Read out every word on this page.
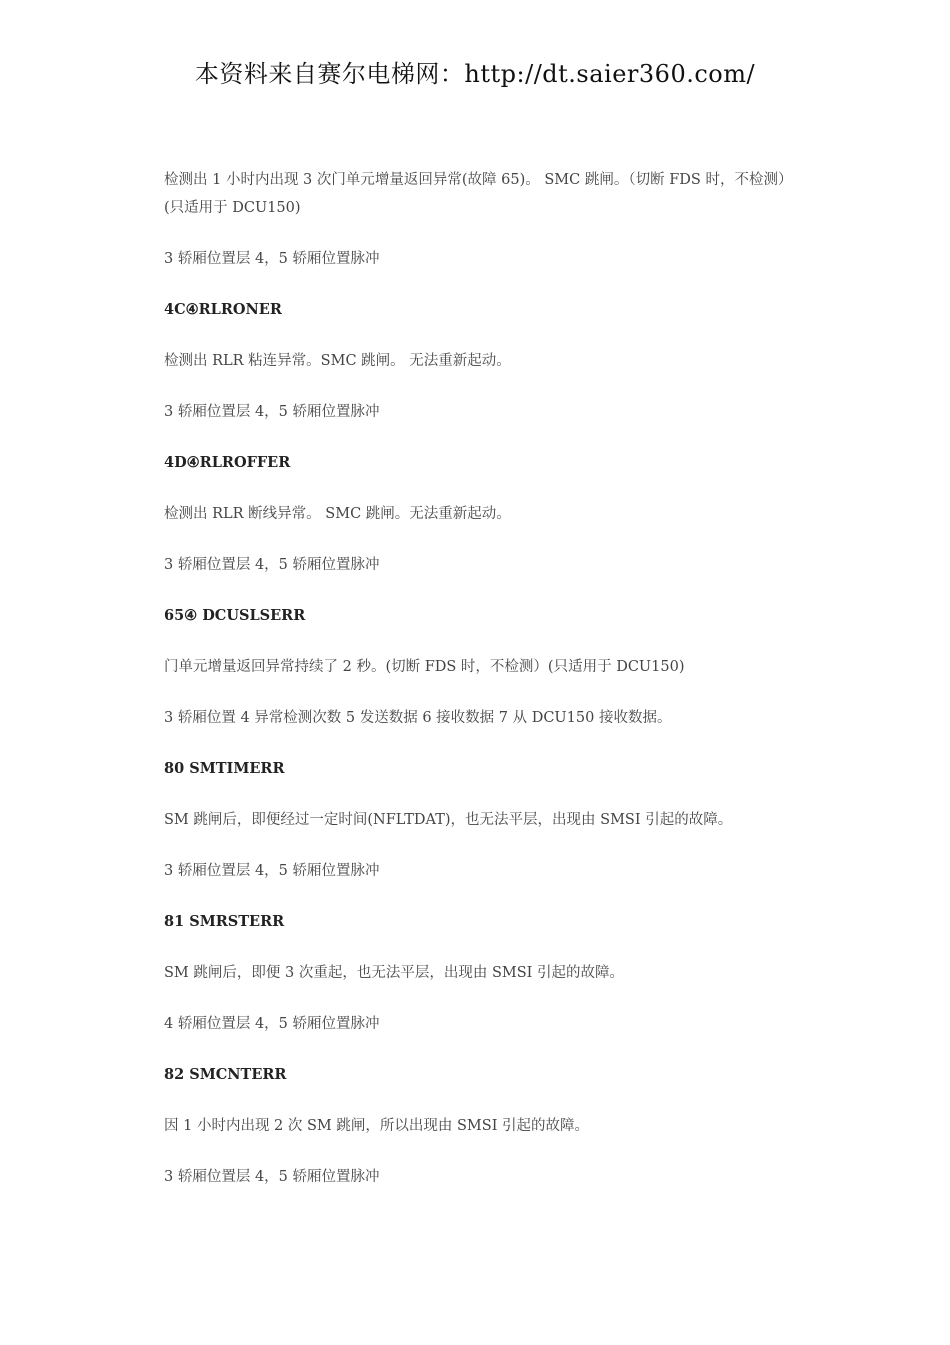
本资料来自赛尔电梯网：http://dt.saier360.com/

检测出 1 小时内出现 3 次门单元增量返回异常(故障 65)。 SMC 跳闸。（切断 FDS 时，不检测）(只适用于 DCU150)

3 轿厢位置层 4，5 轿厢位置脉冲

4C④RLRONER

检测出 RLR 粘连异常。SMC 跳闸。 无法重新起动。

3 轿厢位置层 4，5 轿厢位置脉冲

4D④RLROFFER

检测出 RLR 断线异常。 SMC 跳闸。无法重新起动。

3 轿厢位置层 4，5 轿厢位置脉冲

65④ DCUSLSERR

门单元增量返回异常持续了 2 秒。(切断 FDS 时，不检测）(只适用于 DCU150)

3 轿厢位置 4 异常检测次数 5 发送数据 6 接收数据 7 从 DCU150 接收数据。

80 SMTIMERR

SM 跳闸后，即便经过一定时间(NFLTDAT)，也无法平层，出现由 SMSI 引起的故障。

3 轿厢位置层 4，5 轿厢位置脉冲

81 SMRSTERR

SM 跳闸后，即便 3 次重起，也无法平层，出现由 SMSI 引起的故障。

4 轿厢位置层 4，5 轿厢位置脉冲

82 SMCNTERR

因 1 小时内出现 2 次 SM 跳闸，所以出现由 SMSI 引起的故障。

3 轿厢位置层 4，5 轿厢位置脉冲
